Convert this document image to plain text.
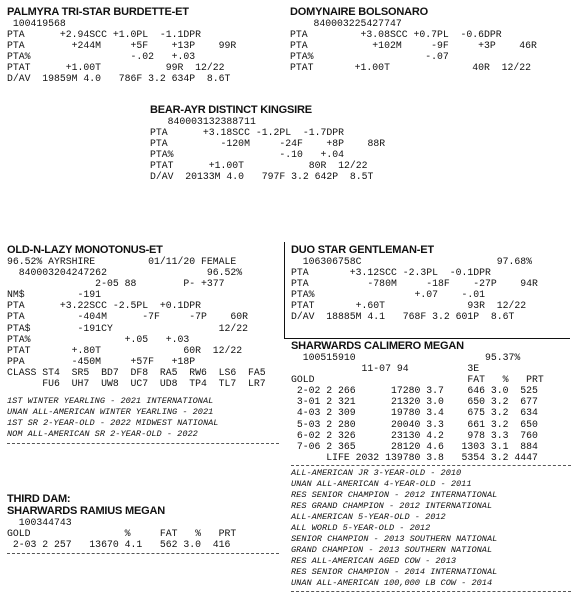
PALMYRA TRI-STAR BURDETTE-ET
100419568
PTA      +2.94SCC +1.0PL  -1.1DPR
PTA        +244M     +5F    +13P    99R
PTA%                 -.02   +.03
PTAT      +1.00T           99R  12/22
D/AV  19859M 4.0   786F 3.2 634P  8.6T
DOMYNAIRE BOLSONARO
840003225427747
PTA         +3.08SCC +0.7PL  -0.6DPR
PTA           +102M     -9F     +3P    46R
PTA%                   -.07
PTAT       +1.00T              40R  12/22
BEAR-AYR DISTINCT KINGSIRE
840003132388711
PTA      +3.18SCC -1.2PL  -1.7DPR
PTA         -120M     -24F    +8P    88R
PTA%                  -.10   +.04
PTAT      +1.00T           80R  12/22
D/AV  20133M 4.0   797F 3.2 642P  8.5T
OLD-N-LAZY MONOTONUS-ET
96.52% AYRSHIRE         01/11/20 FEMALE
840003204247262                 96.52%
2-05 88        P- +377
NM$         -191
PTA      +3.22SCC -2.5PL  +0.1DPR
PTA         -404M      -7F     -7P    60R
PTA$        -191CY                  12/22
PTA%                +.05   +.03
PTAT       +.80T              60R  12/22
PPA        -450M     +57F   +18P
CLASS ST4  SR5  BD7  DF8  RA5  RW6  LS6  FA5
FU6  UH7  UW8  UC7  UD8  TP4  TL7  LR7
1ST WINTER YEARLING - 2021 INTERNATIONAL
UNAN ALL-AMERICAN WINTER YEARLING - 2021
1ST SR 2-YEAR-OLD - 2022 MIDWEST NATIONAL
NOM ALL-AMERICAN SR 2-YEAR-OLD - 2022
DUO STAR GENTLEMAN-ET
106306758C                       97.68%
PTA       +3.12SCC -2.3PL  -0.1DPR
PTA          -780M     -18F    -27P    94R
PTA%                 +.07    -.01
PTAT       +.60T              93R  12/22
D/AV  18885M 4.1   768F 3.2 601P  8.6T
SHARWARDS CALIMERO MEGAN
100515910                      95.37%
11-07 94          3E
GOLD                          FAT   %   PRT
2-02 2 266      17280 3.7    646 3.0  525
3-01 2 321      21320 3.0    650 3.2  677
4-03 2 309      19780 3.4    675 3.2  634
5-03 2 280      20040 3.3    661 3.2  650
6-02 2 326      23130 4.2    978 3.3  760
7-06 2 365      28120 4.6   1303 3.1  884
LIFE 2032 139780 3.8   5354 3.2 4447
ALL-AMERICAN JR 3-YEAR-OLD - 2010
UNAN ALL-AMERICAN 4-YEAR-OLD - 2011
RES SENIOR CHAMPION - 2012 INTERNATIONAL
RES GRAND CHAMPION - 2012 INTERNATIONAL
ALL-AMERICAN 5-YEAR-OLD - 2012
ALL WORLD 5-YEAR-OLD - 2012
SENIOR CHAMPION - 2013 SOUTHERN NATIONAL
GRAND CHAMPION - 2013 SOUTHERN NATIONAL
RES ALL-AMERICAN AGED COW - 2013
RES SENIOR CHAMPION - 2014 INTERNATIONAL
UNAN ALL-AMERICAN 100,000 LB COW - 2014
THIRD DAM:
SHARWARDS RAMIUS MEGAN
100344743
GOLD                %     FAT   %   PRT
2-03 2 257   13670 4.1   562 3.0  416
